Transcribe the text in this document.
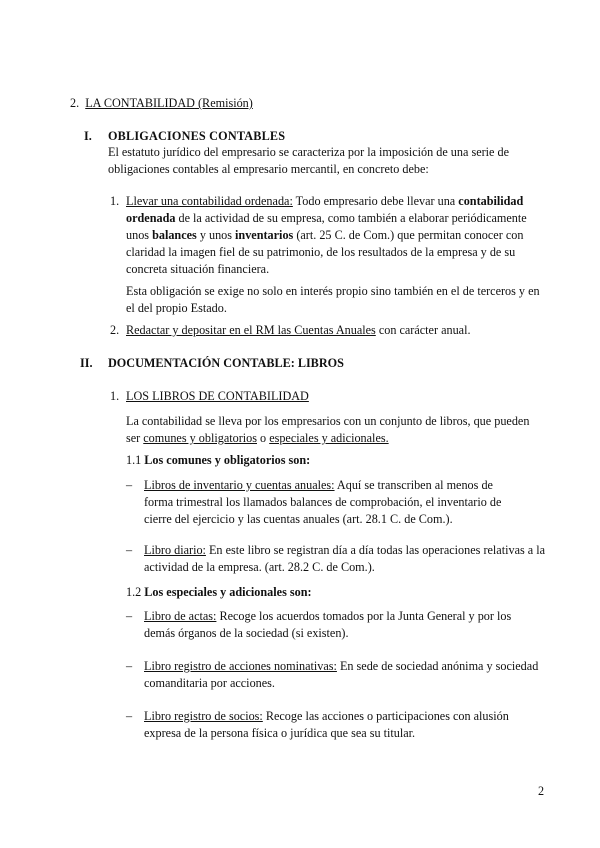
2. LA CONTABILIDAD (Remisión)
I. OBLIGACIONES CONTABLES

El estatuto jurídico del empresario se caracteriza por la imposición de una serie de obligaciones contables al empresario mercantil, en concreto debe:

1. Llevar una contabilidad ordenada: Todo empresario debe llevar una contabilidad ordenada de la actividad de su empresa, como también a elaborar periódicamente unos balances y unos inventarios (art. 25 C. de Com.) que permitan conocer con claridad la imagen fiel de su patrimonio, de los resultados de la empresa y de su concreta situación financiera.

Esta obligación se exige no solo en interés propio sino también en el de terceros y en el del propio Estado.

2. Redactar y depositar en el RM las Cuentas Anuales con carácter anual.

II. DOCUMENTACIÓN CONTABLE: LIBROS
1. LOS LIBROS DE CONTABILIDAD

La contabilidad se lleva por los empresarios con un conjunto de libros, que pueden ser comunes y obligatorios o especiales y adicionales.

1.1 Los comunes y obligatorios son:
– Libros de inventario y cuentas anuales: Aquí se transcriben al menos de forma trimestral los llamados balances de comprobación, el inventario de cierre del ejercicio y las cuentas anuales (art. 28.1 C. de Com.).

– Libro diario: En este libro se registran día a día todas las operaciones relativas a la actividad de la empresa. (art. 28.2 C. de Com.).

1.2 Los especiales y adicionales son:
– Libro de actas: Recoge los acuerdos tomados por la Junta General y por los demás órganos de la sociedad (si existen).

– Libro registro de acciones nominativas: En sede de sociedad anónima y sociedad comanditaria por acciones.

– Libro registro de socios: Recoge las acciones o participaciones con alusión expresa de la persona física o jurídica que sea su titular.

2
